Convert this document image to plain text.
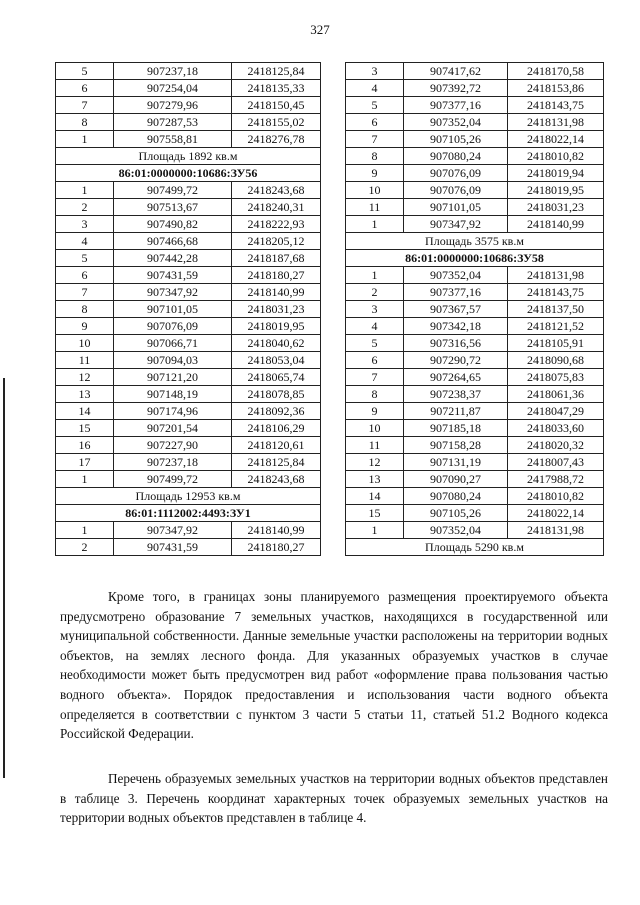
327
5	907237,18	2418125,84
6	907254,04	2418135,33
7	907279,96	2418150,45
8	907287,53	2418155,02
1	907558,81	2418276,78
Площадь 1892 кв.м		
86:01:0000000:10686:ЗУ56		
1	907499,72	2418243,68
2	907513,67	2418240,31
3	907490,82	2418222,93
4	907466,68	2418205,12
5	907442,28	2418187,68
6	907431,59	2418180,27
7	907347,92	2418140,99
8	907101,05	2418031,23
9	907076,09	2418019,95
10	907066,71	2418040,62
11	907094,03	2418053,04
12	907121,20	2418065,74
13	907148,19	2418078,85
14	907174,96	2418092,36
15	907201,54	2418106,29
16	907227,90	2418120,61
17	907237,18	2418125,84
1	907499,72	2418243,68
Площадь 12953 кв.м		
86:01:1112002:4493:ЗУ1		
1	907347,92	2418140,99
2	907431,59	2418180,27
3	907417,62	2418170,58
4	907392,72	2418153,86
5	907377,16	2418143,75
6	907352,04	2418131,98
7	907105,26	2418022,14
8	907080,24	2418010,82
9	907076,09	2418019,94
10	907076,09	2418019,95
11	907101,05	2418031,23
1	907347,92	2418140,99
Площадь 3575 кв.м		
86:01:0000000:10686:ЗУ58		
1	907352,04	2418131,98
2	907377,16	2418143,75
3	907367,57	2418137,50
4	907342,18	2418121,52
5	907316,56	2418105,91
6	907290,72	2418090,68
7	907264,65	2418075,83
8	907238,37	2418061,36
9	907211,87	2418047,29
10	907185,18	2418033,60
11	907158,28	2418020,32
12	907131,19	2418007,43
13	907090,27	2417988,72
14	907080,24	2418010,82
15	907105,26	2418022,14
1	907352,04	2418131,98
Площадь 5290 кв.м		

Кроме того, в границах зоны планируемого размещения проектируемого объекта предусмотрено образование 7 земельных участков, находящихся в государственной или муниципальной собственности. Данные земельные участки расположены на территории водных объектов, на землях лесного фонда. Для указанных образуемых участков в случае необходимости может быть предусмотрен вид работ «оформление права пользования частью водного объекта». Порядок предоставления и использования части водного объекта определяется в соответствии с пунктом 3 части 5 статьи 11, статьей 51.2 Водного кодекса Российской Федерации.

Перечень образуемых земельных участков на территории водных объектов представлен в таблице 3. Перечень координат характерных точек образуемых земельных участков на территории водных объектов представлен в таблице 4.
